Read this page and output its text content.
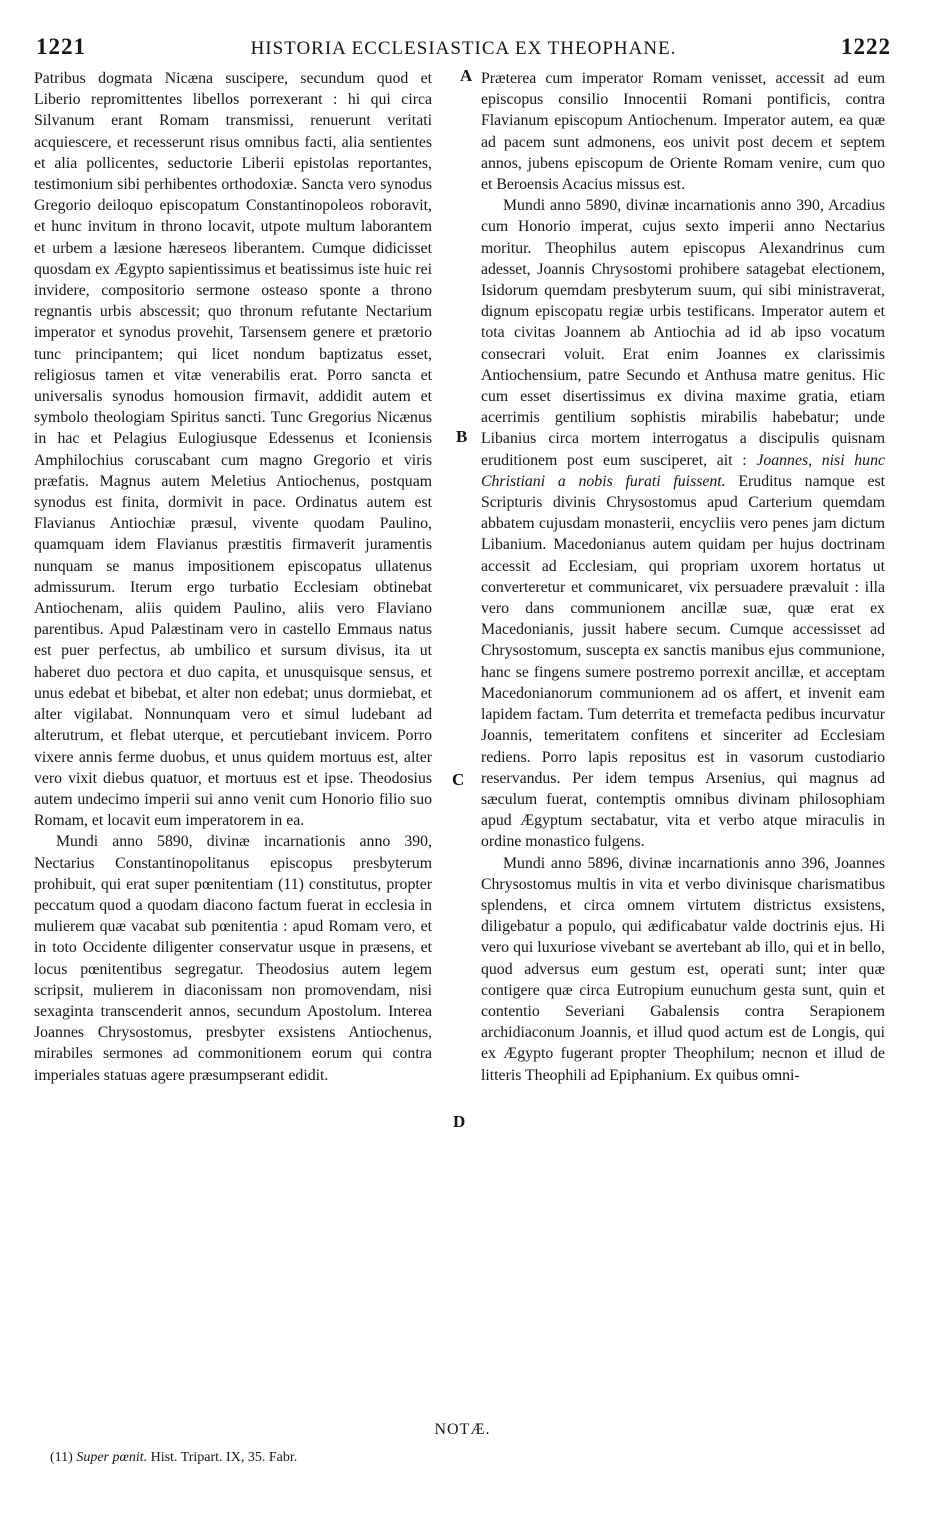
1221	HISTORIA ECCLESIASTICA EX THEOPHANE.	1222

Patribus dogmata Nicæna suscipere, secundum quod et Liberio repromittentes libellos porrexerant : hi qui circa Silvanum erant Romam transmissi, renuerunt veritati acquiescere, et recesserunt risus omnibus facti, alia sentientes et alia pollicentes, seductorie Liberii epistolas reportantes, testimonium sibi perhibentes orthodoxiæ. Sancta vero synodus Gregorio deiloquo episcopatum Constantinopoleos roboravit, et hunc invitum in throno locavit, utpote multum laborantem et urbem a læsione hæreseos liberantem. Cumque didicisset quosdam ex Ægypto sapientissimus et beatissimus iste huic rei invidere, compositorio sermone osteaso sponte a throno regnantis urbis abscessit; quo thronum refutante Nectarium imperator et synodus provehit, Tarsensem genere et prætorio tunc principantem; qui licet nondum baptizatus esset, religiosus tamen et vitæ venerabilis erat. Porro sancta et universalis synodus homousion firmavit, addidit autem et symbolo theologiam Spiritus sancti. Tunc Gregorius Nicænus in hac et Pelagius Eulogiusque Edessenus et Iconiensis Amphilochius coruscabant cum magno Gregorio et viris præfatis. Magnus autem Meletius Antiochenus, postquam synodus est finita, dormivit in pace. Ordinatus autem est Flavianus Antiochiæ præsul, vivente quodam Paulino, quamquam idem Flavianus præstitis firmaverit juramentis nunquam se manus impositionem episcopatus ullatenus admissurum. Iterum ergo turbatio Ecclesiam obtinebat Antiochenam, aliis quidem Paulino, aliis vero Flaviano parentibus. Apud Palæstinam vero in castello Emmaus natus est puer perfectus, ab umbilico et sursum divisus, ita ut haberet duo pectora et duo capita, et unusquisque sensus, et unus edebat et bibebat, et alter non edebat; unus dormiebat, et alter vigilabat. Nonnunquam vero et simul ludebant ad alterutrum, et flebat uterque, et percutiebant invicem. Porro vixere annis ferme duobus, et unus quidem mortuus est, alter vero vixit diebus quatuor, et mortuus est et ipse. Theodosius autem undecimo imperii sui anno venit cum Honorio filio suo Romam, et locavit eum imperatorem in ea.

Mundi anno 5890, divinæ incarnationis anno 390, Nectarius Constantinopolitanus episcopus presbyterum prohibuit, qui erat super pœnitentiam (11) constitutus, propter peccatum quod a quodam diacono factum fuerat in ecclesia in mulierem quæ vacabat sub pœnitentia : apud Romam vero, et in toto Occidente diligenter conservatur usque in præsens, et locus pœnitentibus segregatur. Theodosius autem legem scripsit, mulierem in diaconissam non promovendam, nisi sexaginta transcenderit annos, secundum Apostolum. Interea Joannes Chrysostomus, presbyter exsistens Antiochenus, mirabiles sermones ad commonitionem eorum qui contra imperiales statuas agere præsumpserant edidit.

A
B
C
D

Præterea cum imperator Romam venisset, accessit ad eum episcopus consilio Innocentii Romani pontificis, contra Flavianum episcopum Antiochenum. Imperator autem, ea quæ ad pacem sunt admonens, eos univit post decem et septem annos, jubens episcopum de Oriente Romam venire, cum quo et Beroensis Acacius missus est.

Mundi anno 5890, divinæ incarnationis anno 390, Arcadius cum Honorio imperat, cujus sexto imperii anno Nectarius moritur. Theophilus autem episcopus Alexandrinus cum adesset, Joannis Chrysostomi prohibere satagebat electionem, Isidorum quemdam presbyterum suum, qui sibi ministraverat, dignum episcopatu regiæ urbis testificans. Imperator autem et tota civitas Joannem ab Antiochia ad id ab ipso vocatum consecrari voluit. Erat enim Joannes ex clarissimis Antiochensium, patre Secundo et Anthusa matre genitus. Hic cum esset disertissimus ex divina maxime gratia, etiam acerrimis gentilium sophistis mirabilis habebatur; unde Libanius circa mortem interrogatus a discipulis quisnam eruditionem post eum susciperet, ait : Joannes, nisi hunc Christiani a nobis furati fuissent. Eruditus namque est Scripturis divinis Chrysostomus apud Carterium quemdam abbatem cujusdam monasterii, encycliis vero penes jam dictum Libanium. Macedonianus autem quidam per hujus doctrinam accessit ad Ecclesiam, qui propriam uxorem hortatus ut converteretur et communicaret, vix persuadere prævaluit : illa vero dans communionem ancillæ suæ, quæ erat ex Macedonianis, jussit habere secum. Cumque accessisset ad Chrysostomum, suscepta ex sanctis manibus ejus communione, hanc se fingens sumere postremo porrexit ancillæ, et acceptam Macedonianorum communionem ad os affert, et invenit eam lapidem factam. Tum deterrita et tremefacta pedibus incurvatur Joannis, temeritatem confitens et sinceriter ad Ecclesiam rediens. Porro lapis repositus est in vasorum custodiario reservandus. Per idem tempus Arsenius, qui magnus ad sæculum fuerat, contemptis omnibus divinam philosophiam apud Ægyptum sectabatur, vita et verbo atque miraculis in ordine monastico fulgens.

Mundi anno 5896, divinæ incarnationis anno 396, Joannes Chrysostomus multis in vita et verbo divinisque charismatibus splendens, et circa omnem virtutem districtus exsistens, diligebatur a populo, qui ædificabatur valde doctrinis ejus. Hi vero qui luxuriose vivebant se avertebant ab illo, qui et in bello, quod adversus eum gestum est, operati sunt; inter quæ contigere quæ circa Eutropium eunuchum gesta sunt, quin et contentio Severiani Gabalensis contra Serapionem archidiaconum Joannis, et illud quod actum est de Longis, qui ex Ægypto fugerant propter Theophilum; necnon et illud de litteris Theophili ad Epiphanium. Ex quibus omni-

NOTÆ.
(11) Super pœnit. Hist. Tripart. IX, 35. Fabr.
